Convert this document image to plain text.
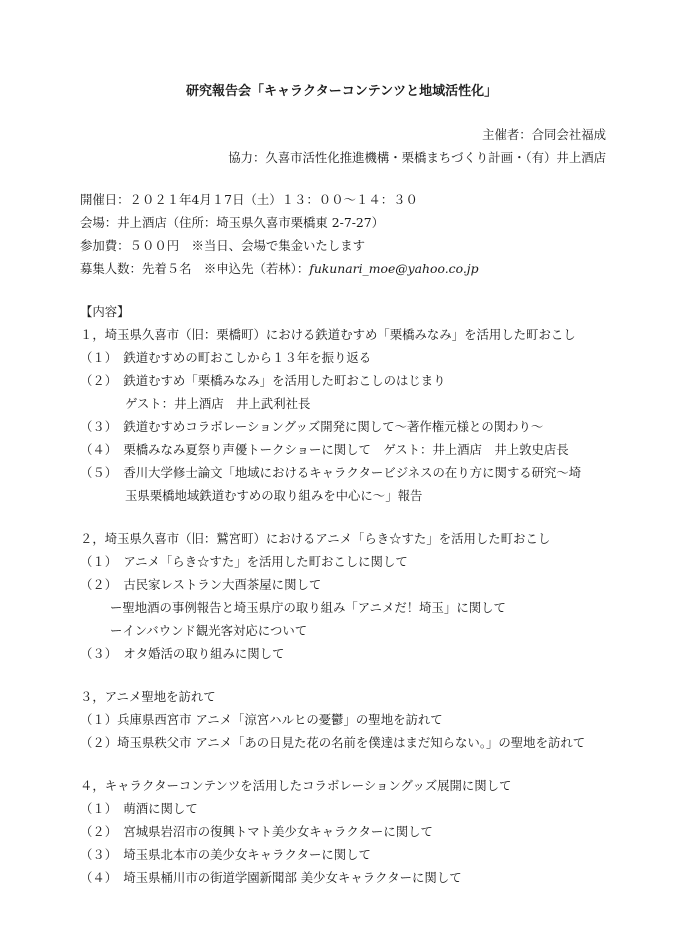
研究報告会「キャラクターコンテンツと地域活性化」
主催者：合同会社福成
協力：久喜市活性化推進機構・栗橋まちづくり計画・（有）井上酒店
開催日：２０２１年4月１7日（土）１３：００〜１４：３０
会場：井上酒店（住所：埼玉県久喜市栗橋東 2-7-27）
参加費：５００円　※当日、会場で集金いたします
募集人数：先着５名　※申込先（若林）：fukunari_moe@yahoo.co.jp
【内容】
１，埼玉県久喜市（旧：栗橋町）における鉄道むすめ「栗橋みなみ」を活用した町おこし
（１）　鉄道むすめの町おこしから１３年を振り返る
（２）　鉄道むすめ「栗橋みなみ」を活用した町おこしのはじまり
ゲスト：井上酒店　井上武利社長
（３）　鉄道むすめコラボレーショングッズ開発に関して〜著作権元様との関わり〜
（４）　栗橋みなみ夏祭り声優トークショーに関して　ゲスト：井上酒店　井上敦史店長
（５）　香川大学修士論文「地域におけるキャラクタービジネスの在り方に関する研究〜埼
玉県栗橋地域鉄道むすめの取り組みを中心に〜」報告
２，埼玉県久喜市（旧：鷲宮町）におけるアニメ「らき☆すた」を活用した町おこし
（１）　アニメ「らき☆すた」を活用した町おこしに関して
（２）　古民家レストラン大酉茶屋に関して
ー聖地酒の事例報告と埼玉県庁の取り組み「アニメだ！埼玉」に関して
ーインバウンド観光客対応について
（３）　オタ婚活の取り組みに関して
３，アニメ聖地を訪れて
（１）兵庫県西宮市 アニメ「涼宮ハルヒの憂鬱」の聖地を訪れて
（２）埼玉県秩父市 アニメ「あの日見た花の名前を僕達はまだ知らない。」の聖地を訪れて
４，キャラクターコンテンツを活用したコラボレーショングッズ展開に関して
（１）　萌酒に関して
（２）　宮城県岩沼市の復興トマト美少女キャラクターに関して
（３）　埼玉県北本市の美少女キャラクターに関して
（４）　埼玉県桶川市の街道学園新聞部 美少女キャラクターに関して
